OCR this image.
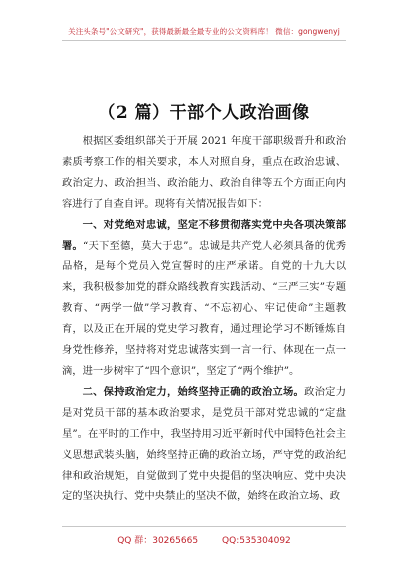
关注头条号"公文研究"，获得最新最全最专业的公文资料库！ 微信：gongwenyj
（2 篇）干部个人政治画像

根据区委组织部关于开展 2021 年度干部职级晋升和政治素质考察工作的相关要求，本人对照自身，重点在政治忠诚、政治定力、政治担当、政治能力、政治自律等五个方面正向内容进行了自查自评。现将有关情况报告如下：

一、对党绝对忠诚，坚定不移贯彻落实党中央各项决策部署。“天下至德，莫大于忠”。忠诚是共产党人必须具备的优秀品格，是每个党员入党宣誓时的庄严承诺。自党的十九大以来，我积极参加党的群众路线教育实践活动、“三严三实”专题教育、“两学一做”学习教育、“不忘初心、牢记使命”主题教育，以及正在开展的党史学习教育，通过理论学习不断锤炼自身党性修养，坚持将对党忠诚落实到一言一行、体现在一点一滴，进一步树牢了“四个意识”，坚定了“两个维护”。

二、保持政治定力，始终坚持正确的政治立场。政治定力是对党员干部的基本政治要求，是党员干部对党忠诚的“定盘星”。在平时的工作中，我坚持用习近平新时代中国特色社会主义思想武装头脑，始终坚持正确的政治立场，严守党的政治纪律和政治规矩，自觉做到了党中央提倡的坚决响应、党中央决定的坚决执行、党中央禁止的坚决不做，始终在政治立场、政

QQ 群：30265665	QQ:535304092
